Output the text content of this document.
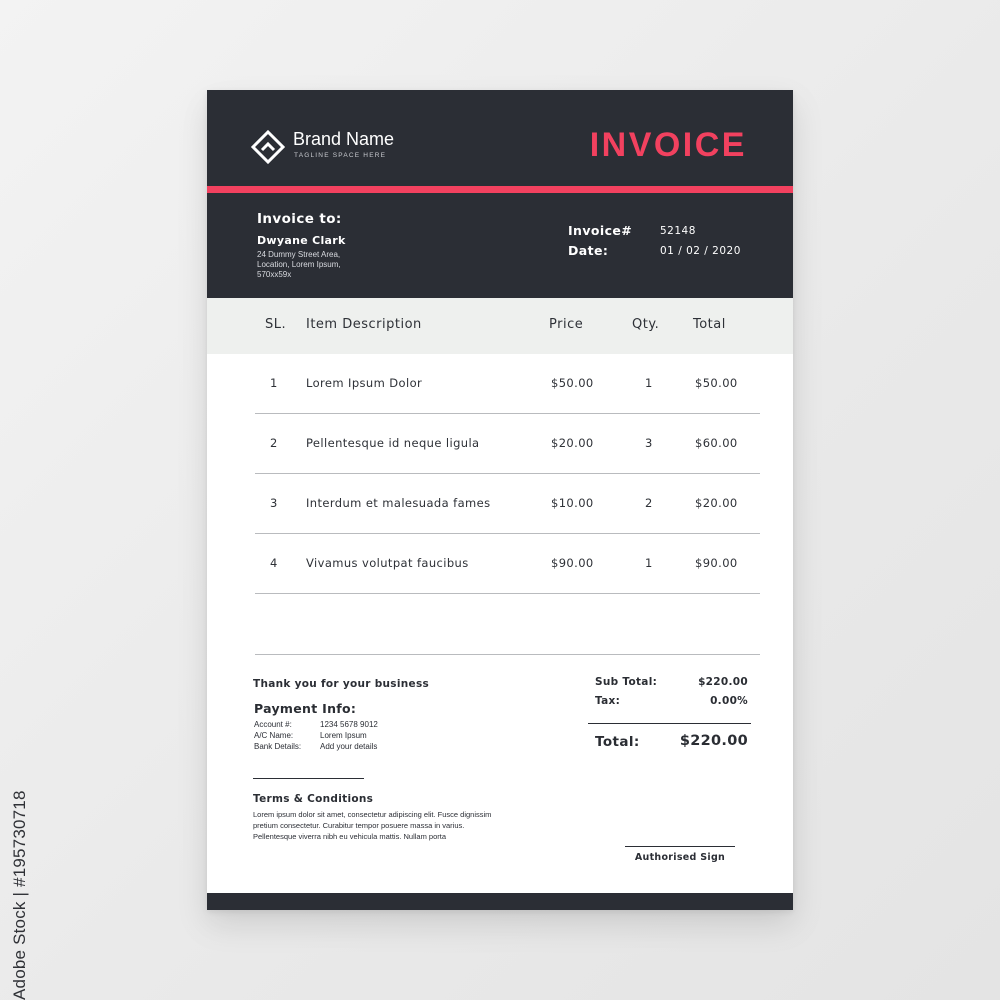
Adobe Stock | #195730718
Brand Name
TAGLINE SPACE HERE	INVOICE
Invoice to:
Dwyane Clark
24 Dummy Street Area,
Location, Lorem Ipsum,
570xx59x
Invoice#	52148
Date:	01 / 02 / 2020
SL. Item Description	Price	Qty.	Total
1 Lorem Ipsum Dolor	$50.00	1	$50.00
2 Pellentesque id neque ligula	$20.00	3	$60.00
3 Interdum et malesuada fames	$10.00	2	$20.00
4 Vivamus volutpat faucibus	$90.00	1	$90.00
Thank you for your business
Payment Info:
Account #:	1234 5678 9012
A/C Name:	Lorem Ipsum
Bank Details: Add your details
Terms & Conditions
Lorem ipsum dolor sit amet, consectetur adipiscing elit. Fusce dignissim pretium consectetur. Curabitur tempor posuere massa in varius. Pellentesque viverra nibh eu vehicula mattis. Nullam porta
Sub Total:	$220.00
Tax:	0.00%
Total:	$220.00
Authorised Sign
